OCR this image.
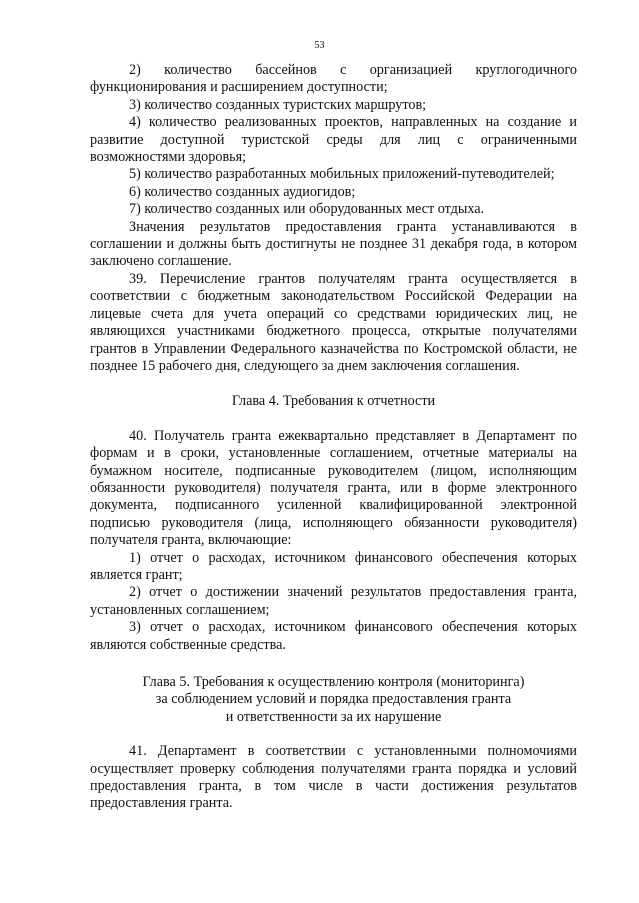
53

2) количество бассейнов с организацией круглогодичного функционирования и расширением доступности;

3) количество созданных туристских маршрутов;

4) количество реализованных проектов, направленных на создание и развитие доступной туристской среды для лиц с ограниченными возможностями здоровья;

5) количество разработанных мобильных приложений-путеводителей;

6) количество созданных аудиогидов;

7) количество созданных или оборудованных мест отдыха.

Значения результатов предоставления гранта устанавливаются в соглашении и должны быть достигнуты не позднее 31 декабря года, в котором заключено соглашение.

39. Перечисление грантов получателям гранта осуществляется в соответствии с бюджетным законодательством Российской Федерации на лицевые счета для учета операций со средствами юридических лиц, не являющихся участниками бюджетного процесса, открытые получателями грантов в Управлении Федерального казначейства по Костромской области, не позднее 15 рабочего дня, следующего за днем заключения соглашения.

Глава 4. Требования к отчетности

40. Получатель гранта ежеквартально представляет в Департамент по формам и в сроки, установленные соглашением, отчетные материалы на бумажном носителе, подписанные руководителем (лицом, исполняющим обязанности руководителя) получателя гранта, или в форме электронного документа, подписанного усиленной квалифицированной электронной подписью руководителя (лица, исполняющего обязанности руководителя) получателя гранта, включающие:

1) отчет о расходах, источником финансового обеспечения которых является грант;

2) отчет о достижении значений результатов предоставления гранта, установленных соглашением;

3) отчет о расходах, источником финансового обеспечения которых являются собственные средства.

Глава 5. Требования к осуществлению контроля (мониторинга)
за соблюдением условий и порядка предоставления гранта
и ответственности за их нарушение

41. Департамент в соответствии с установленными полномочиями осуществляет проверку соблюдения получателями гранта порядка и условий предоставления гранта, в том числе в части достижения результатов предоставления гранта.
